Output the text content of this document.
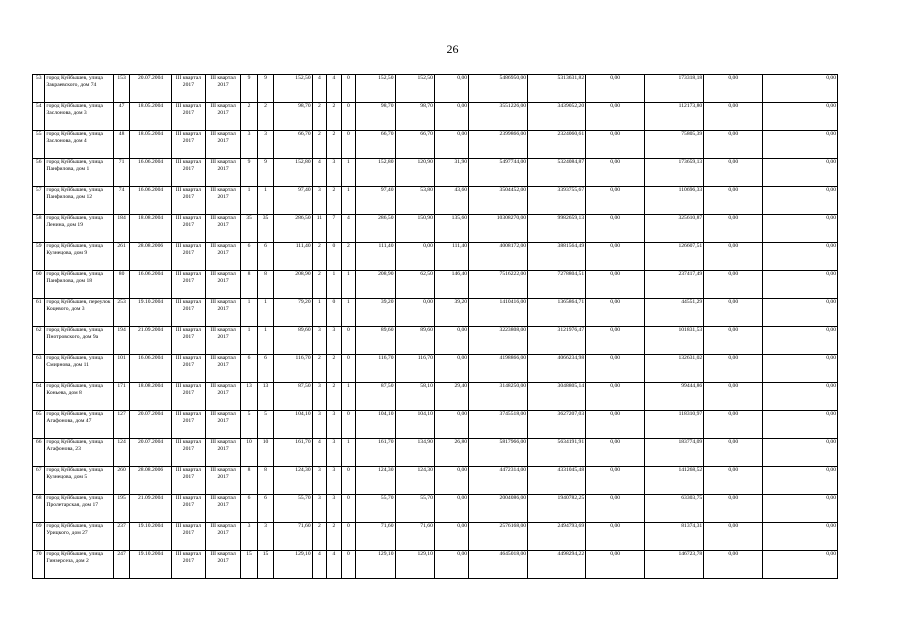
26
53	город Куйбышев, улица Закраевского, дом 74	153	20.07.2004	III квартал 2017	III квартал 2017	9	9	152,50	4	4	0	152,50	152,50	0,00	5486950,00	5313631,82	0,00	173318,18	0,00	0,00
54	город Куйбышев, улица Заслонова, дом 3	47	18.05.2004	III квартал 2017	III квартал 2017	2	2	98,70	2	2	0	98,70	98,70	0,00	3551226,00	3439052,20	0,00	112173,80	0,00	0,00
55	город Куйбышев, улица Заслонова, дом 4	48	18.05.2004	III квартал 2017	III квартал 2017	3	3	66,70	2	2	0	66,70	66,70	0,00	2399866,00	2324060,61	0,00	75805,39	0,00	0,00
56	город Куйбышев, улица Панфилова, дом 1	71	16.06.2004	III квартал 2017	III квартал 2017	9	9	152,80	4	3	1	152,80	120,90	31,90	5497744,00	5324084,87	0,00	173659,13	0,00	0,00
57	город Куйбышев, улица Панфилова, дом 12	74	16.06.2004	III квартал 2017	III квартал 2017	1	1	97,40	3	2	1	97,40	53,80	43,60	3504452,00	3393755,67	0,00	110696,33	0,00	0,00
58	город Куйбышев, улица Ленина, дом 19	184	18.08.2004	III квартал 2017	III квартал 2017	35	35	286,50	11	7	4	286,50	150,90	135,60	10308270,00	9982659,13	0,00	325610,87	0,00	0,00
59	город Куйбышев, улица Кузнецова, дом 9	261	28.08.2006	III квартал 2017	III квартал 2017	6	6	111,40	2	0	2	111,40	0,00	111,40	4008172,00	3881564,49	0,00	126607,51	0,00	0,00
60	город Куйбышев, улица Панфилова, дом 18	80	16.06.2004	III квартал 2017	III квартал 2017	8	8	208,90	2	1	1	208,90	62,50	146,40	7516222,00	7278804,51	0,00	237417,49	0,00	0,00
61	город Куйбышев, переулок Коцевого, дом 3	253	19.10.2004	III квартал 2017	III квартал 2017	1	1	79,20	1	0	1	39,20	0,00	39,20	1410416,00	1365864,71	0,00	44551,29	0,00	0,00
62	город Куйбышев, улица Пнотровского, дом 9а	194	21.09.2004	III квартал 2017	III квартал 2017	1	1	89,60	3	3	0	89,60	89,60	0,00	3223808,00	3121976,47	0,00	101831,53	0,00	0,00
63	город Куйбышев, улица Смирнова, дом 11	101	16.06.2004	III квартал 2017	III квартал 2017	6	6	116,70	2	2	0	116,70	116,70	0,00	4198866,00	4066234,98	0,00	132631,02	0,00	0,00
64	город Куйбышев, улица Коньева, дом 8	171	18.08.2004	III квартал 2017	III квартал 2017	13	13	87,50	3	2	1	87,50	58,10	29,40	3148250,00	3048805,14	0,00	99444,86	0,00	0,00
65	город Куйбышев, улица Агафонова, дом 47	127	20.07.2004	III квартал 2017	III квартал 2017	5	5	104,10	3	3	0	104,10	104,10	0,00	3745518,00	3627207,03	0,00	118310,97	0,00	0,00
66	город Куйбышев, улица Агафонова, 23	124	20.07.2004	III квартал 2017	III квартал 2017	10	10	161,70	4	3	1	161,70	134,90	26,80	5817966,00	5634191,91	0,00	183774,09	0,00	0,00
67	город Куйбышев, улица Кузнецова, дом 5	260	28.08.2006	III квартал 2017	III квартал 2017	8	8	124,30	3	3	0	124,30	124,30	0,00	4472314,00	4331045,48	0,00	141268,52	0,00	0,00
68	город Куйбышев, улица Пролетарская, дом 17	195	21.09.2004	III квартал 2017	III квартал 2017	6	6	55,70	3	3	0	55,70	55,70	0,00	2004086,00	1940782,25	0,00	63303,75	0,00	0,00
69	город Куйбышев, улица Урицкого, дом 27	237	19.10.2004	III квартал 2017	III квартал 2017	3	3	71,60	2	2	0	71,60	71,60	0,00	2576168,00	2494793,69	0,00	81374,31	0,00	0,00
70	город Куйбышев, улица Гинзерсеза, дом 2	247	19.10.2004	III квартал 2017	III квартал 2017	15	15	129,10	4	4	0	129,10	129,10	0,00	4645018,00	4498294,22	0,00	146723,78	0,00	0,00
